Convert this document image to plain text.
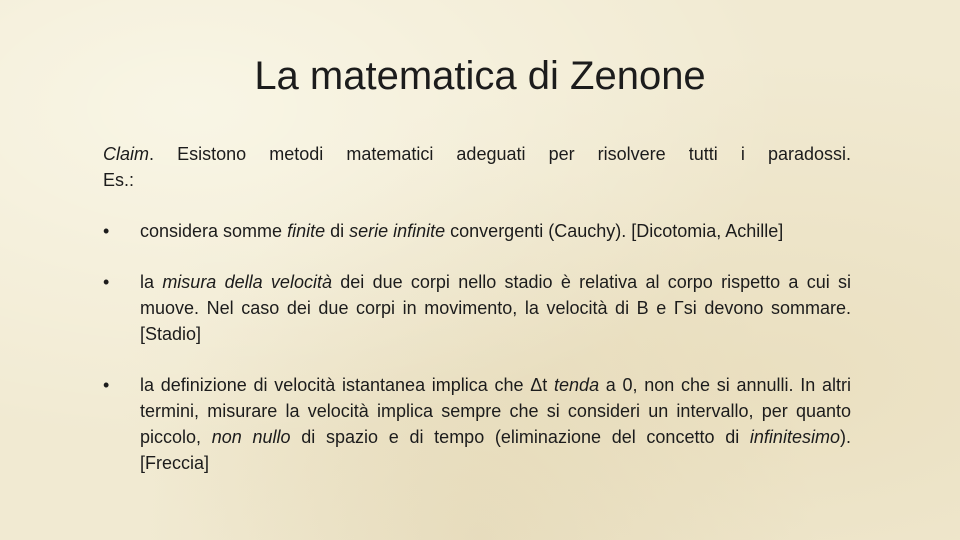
La matematica di Zenone

Claim. Esistono metodi matematici adeguati per risolvere tutti i paradossi.
Es.:

•	considera somme finite di serie infinite convergenti (Cauchy). [Dicotomia, Achille]
•	la misura della velocità dei due corpi nello stadio è relativa al corpo rispetto a cui si muove. Nel caso dei due corpi in movimento, la velocità di B e Γsi devono sommare. [Stadio]
•	la definizione di velocità istantanea implica che Δt tenda a 0, non che si annulli. In altri termini, misurare la velocità implica sempre che si consideri un intervallo, per quanto piccolo, non nullo di spazio e di tempo (eliminazione del concetto di infinitesimo). [Freccia]
